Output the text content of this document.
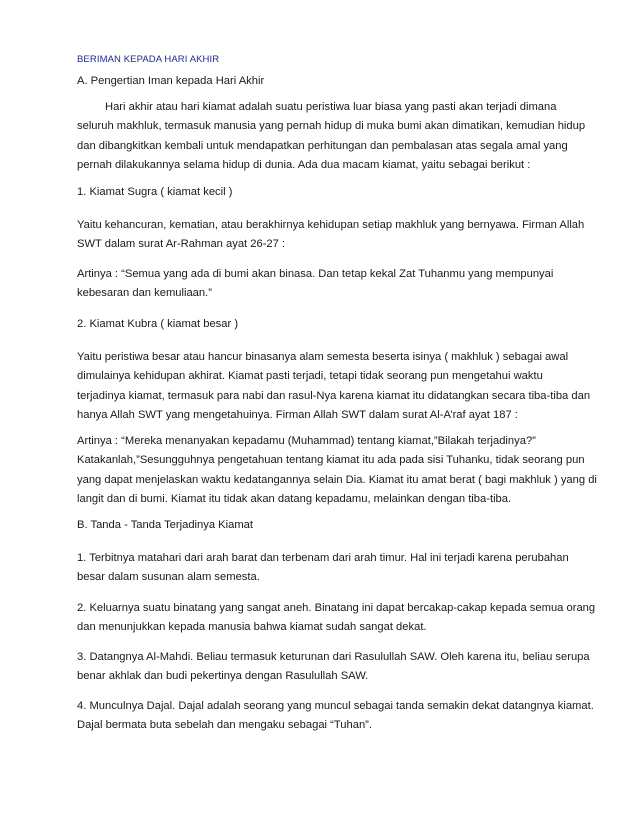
BERIMAN KEPADA HARI AKHIR
A. Pengertian Iman kepada Hari Akhir

Hari akhir atau hari kiamat adalah suatu peristiwa luar biasa yang pasti akan terjadi dimana

seluruh makhluk, termasuk manusia yang pernah hidup di muka bumi akan dimatikan, kemudian hidup

dan dibangkitkan kembali untuk mendapatkan perhitungan dan pembalasan atas segala amal yang

pernah dilakukannya selama hidup di dunia. Ada dua macam kiamat, yaitu sebagai berikut :

1. Kiamat Sugra ( kiamat kecil )

Yaitu kehancuran, kematian, atau berakhirnya kehidupan setiap makhluk yang bernyawa. Firman Allah

SWT dalam surat Ar-Rahman ayat 26-27 :

Artinya : “Semua yang ada di bumi akan binasa. Dan tetap kekal Zat Tuhanmu yang mempunyai

kebesaran dan kemuliaan.”

2. Kiamat Kubra ( kiamat besar )

Yaitu peristiwa besar atau hancur binasanya alam semesta beserta isinya ( makhluk ) sebagai awal

dimulainya kehidupan akhirat. Kiamat pasti terjadi, tetapi tidak seorang pun mengetahui waktu

terjadinya kiamat, termasuk para nabi dan rasul-Nya karena kiamat itu didatangkan secara tiba-tiba dan

hanya Allah SWT yang mengetahuinya. Firman Allah SWT dalam surat Al-A’raf ayat 187 :

Artinya : “Mereka menanyakan kepadamu (Muhammad) tentang kiamat,”Bilakah terjadinya?”

Katakanlah,”Sesungguhnya pengetahuan tentang kiamat itu ada pada sisi Tuhanku, tidak seorang pun

yang dapat menjelaskan waktu kedatangannya selain Dia. Kiamat itu amat berat ( bagi makhluk ) yang di

langit dan di bumi. Kiamat itu tidak akan datang kepadamu, melainkan dengan tiba-tiba.

B. Tanda - Tanda Terjadinya Kiamat

1. Terbitnya matahari dari arah barat dan terbenam dari arah timur. Hal ini terjadi karena perubahan

besar dalam susunan alam semesta.

2. Keluarnya suatu binatang yang sangat aneh. Binatang ini dapat bercakap-cakap kepada semua orang

dan menunjukkan kepada manusia bahwa kiamat sudah sangat dekat.

3. Datangnya Al-Mahdi. Beliau termasuk keturunan dari Rasulullah SAW. Oleh karena itu, beliau serupa

benar akhlak dan budi pekertinya dengan Rasulullah SAW.

4. Munculnya Dajal. Dajal adalah seorang yang muncul sebagai tanda semakin dekat datangnya kiamat.

Dajal bermata buta sebelah dan mengaku sebagai “Tuhan”.
